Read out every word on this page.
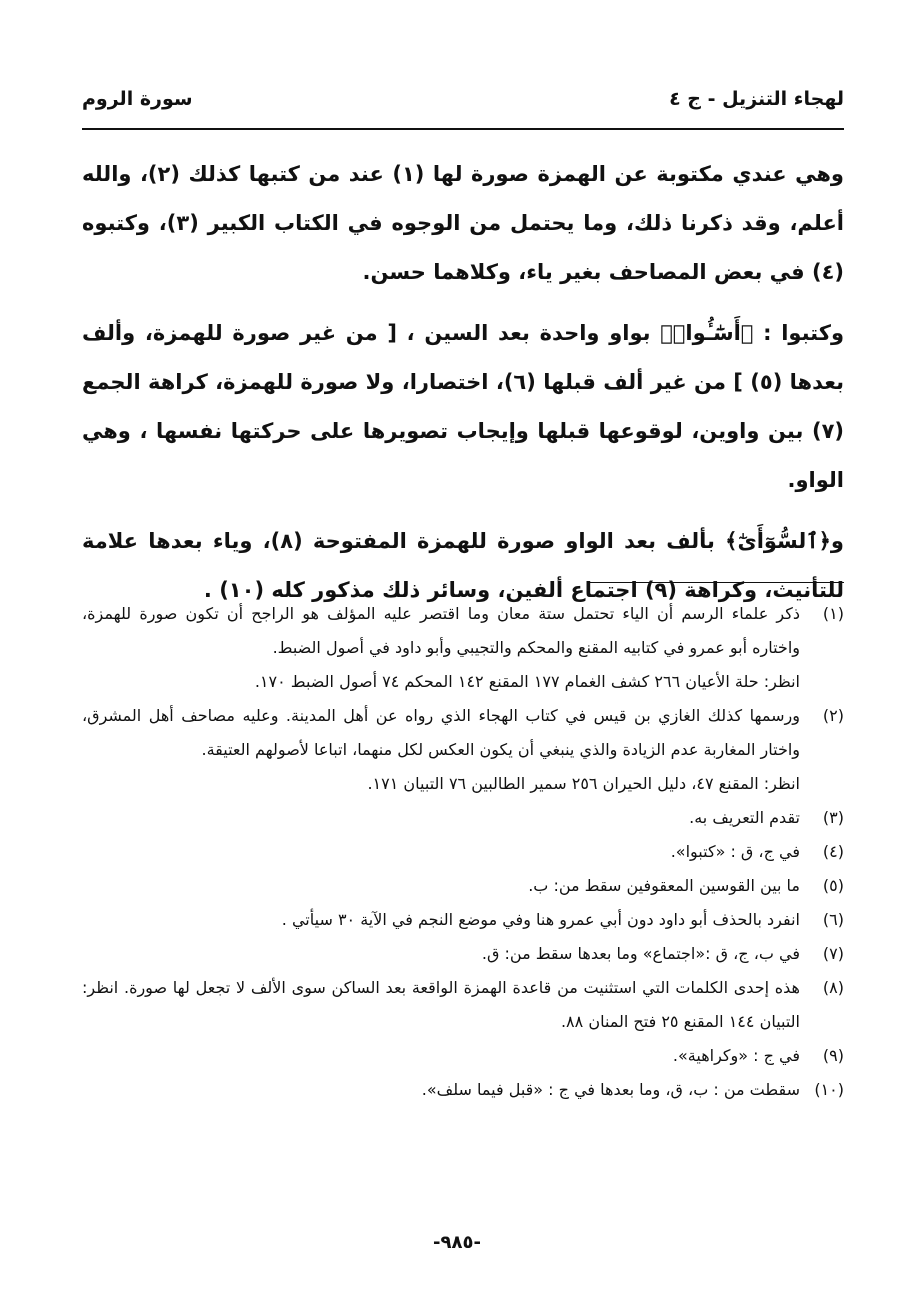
لهجاء التنزيل - ج ٤
سورة الروم

وهي عندي مكتوبة عن الهمزة صورة لها (١) عند من كتبها كذلك (٢)، والله أعلم، وقد ذكرنا ذلك، وما يحتمل من الوجوه في الكتاب الكبير (٣)، وكتبوه (٤) في بعض المصاحف بغير ياء، وكلاهما حسن.

وكتبوا : ﴿أَسَٰٓـُٔوا۟﴾ بواو واحدة بعد السين ، [ من غير صورة للهمزة، وألف بعدها (٥) ] من غير ألف قبلها (٦)، اختصارا، ولا صورة للهمزة، كراهة الجمع (٧) بين واوين، لوقوعها قبلها وإيجاب تصويرها على حركتها نفسها ، وهي الواو.

و﴿ٱلسُّوٓأَىٰٓ﴾ بألف بعد الواو صورة للهمزة المفتوحة (٨)، وياء بعدها علامة للتأنيث، وكراهة (٩) اجتماع ألفين، وسائر ذلك مذكور كله (١٠) .

(١)
ذكر علماء الرسم أن الياء تحتمل ستة معان وما اقتصر عليه المؤلف هو الراجح أن تكون صورة للهمزة، واختاره أبو عمرو في كتابيه المقنع والمحكم والتجيبي وأبو داود في أصول الضبط.
انظر: حلة الأعيان ٢٦٦ كشف الغمام ١٧٧ المقنع ١٤٢ المحكم ٧٤ أصول الضبط ١٧٠.
(٢)
ورسمها كذلك الغازي بن قيس في كتاب الهجاء الذي رواه عن أهل المدينة. وعليه مصاحف أهل المشرق، واختار المغاربة عدم الزيادة والذي ينبغي أن يكون العكس لكل منهما، اتباعا لأصولهم العتيقة.
انظر: المقنع ٤٧، دليل الحيران ٢٥٦ سمير الطالبين ٧٦ التبيان ١٧١.
(٣)
تقدم التعريف به.
(٤)
في ج، ق : «كتبوا».
(٥)
ما بين القوسين المعقوفين سقط من: ب.
(٦)
انفرد بالحذف أبو داود دون أبي عمرو هنا وفي موضع النجم في الآية ٣٠ سيأتي .
(٧)
في ب، ج، ق :«اجتماع» وما بعدها سقط من: ق.
(٨)
هذه إحدى الكلمات التي استثنيت من قاعدة الهمزة الواقعة بعد الساكن سوى الألف لا تجعل لها صورة. انظر: التبيان ١٤٤ المقنع ٢٥ فتح المنان ٨٨.
(٩)
في ج : «وكراهية».
(١٠)
سقطت من : ب، ق، وما بعدها في ج : «قبل فيما سلف».
-٩٨٥-
